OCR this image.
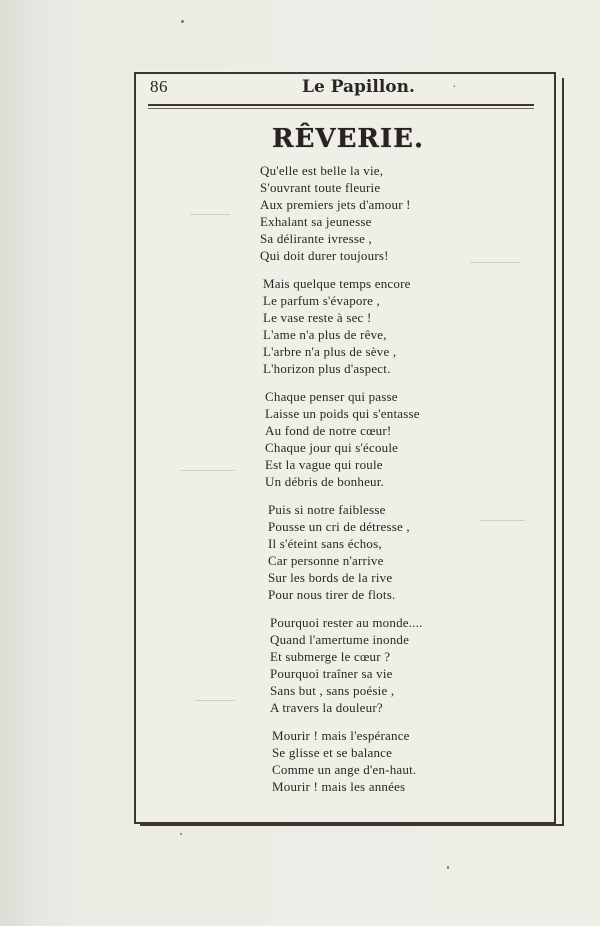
86	Le Papillon.	·
RÊVERIE.
Qu'elle est belle la vie,
S'ouvrant toute fleurie
Aux premiers jets d'amour !
Exhalant sa jeunesse
Sa délirante ivresse ,
Qui doit durer toujours!
Mais quelque temps encore
Le parfum s'évapore ,
Le vase reste à sec !
L'ame n'a plus de rêve,
L'arbre n'a plus de sève ,
L'horizon plus d'aspect.
Chaque penser qui passe
Laisse un poids qui s'entasse
Au fond de notre cœur!
Chaque jour qui s'écoule
Est la vague qui roule
Un débris de bonheur.
Puis si notre faiblesse
Pousse un cri de détresse ,
Il s'éteint sans échos,
Car personne n'arrive
Sur les bords de la rive
Pour nous tirer de flots.
Pourquoi rester au monde....
Quand l'amertume inonde
Et submerge le cœur ?
Pourquoi traîner sa vie
Sans but , sans poésie ,
A travers la douleur?
Mourir ! mais l'espérance
Se glisse et se balance
Comme un ange d'en-haut.
Mourir ! mais les années
